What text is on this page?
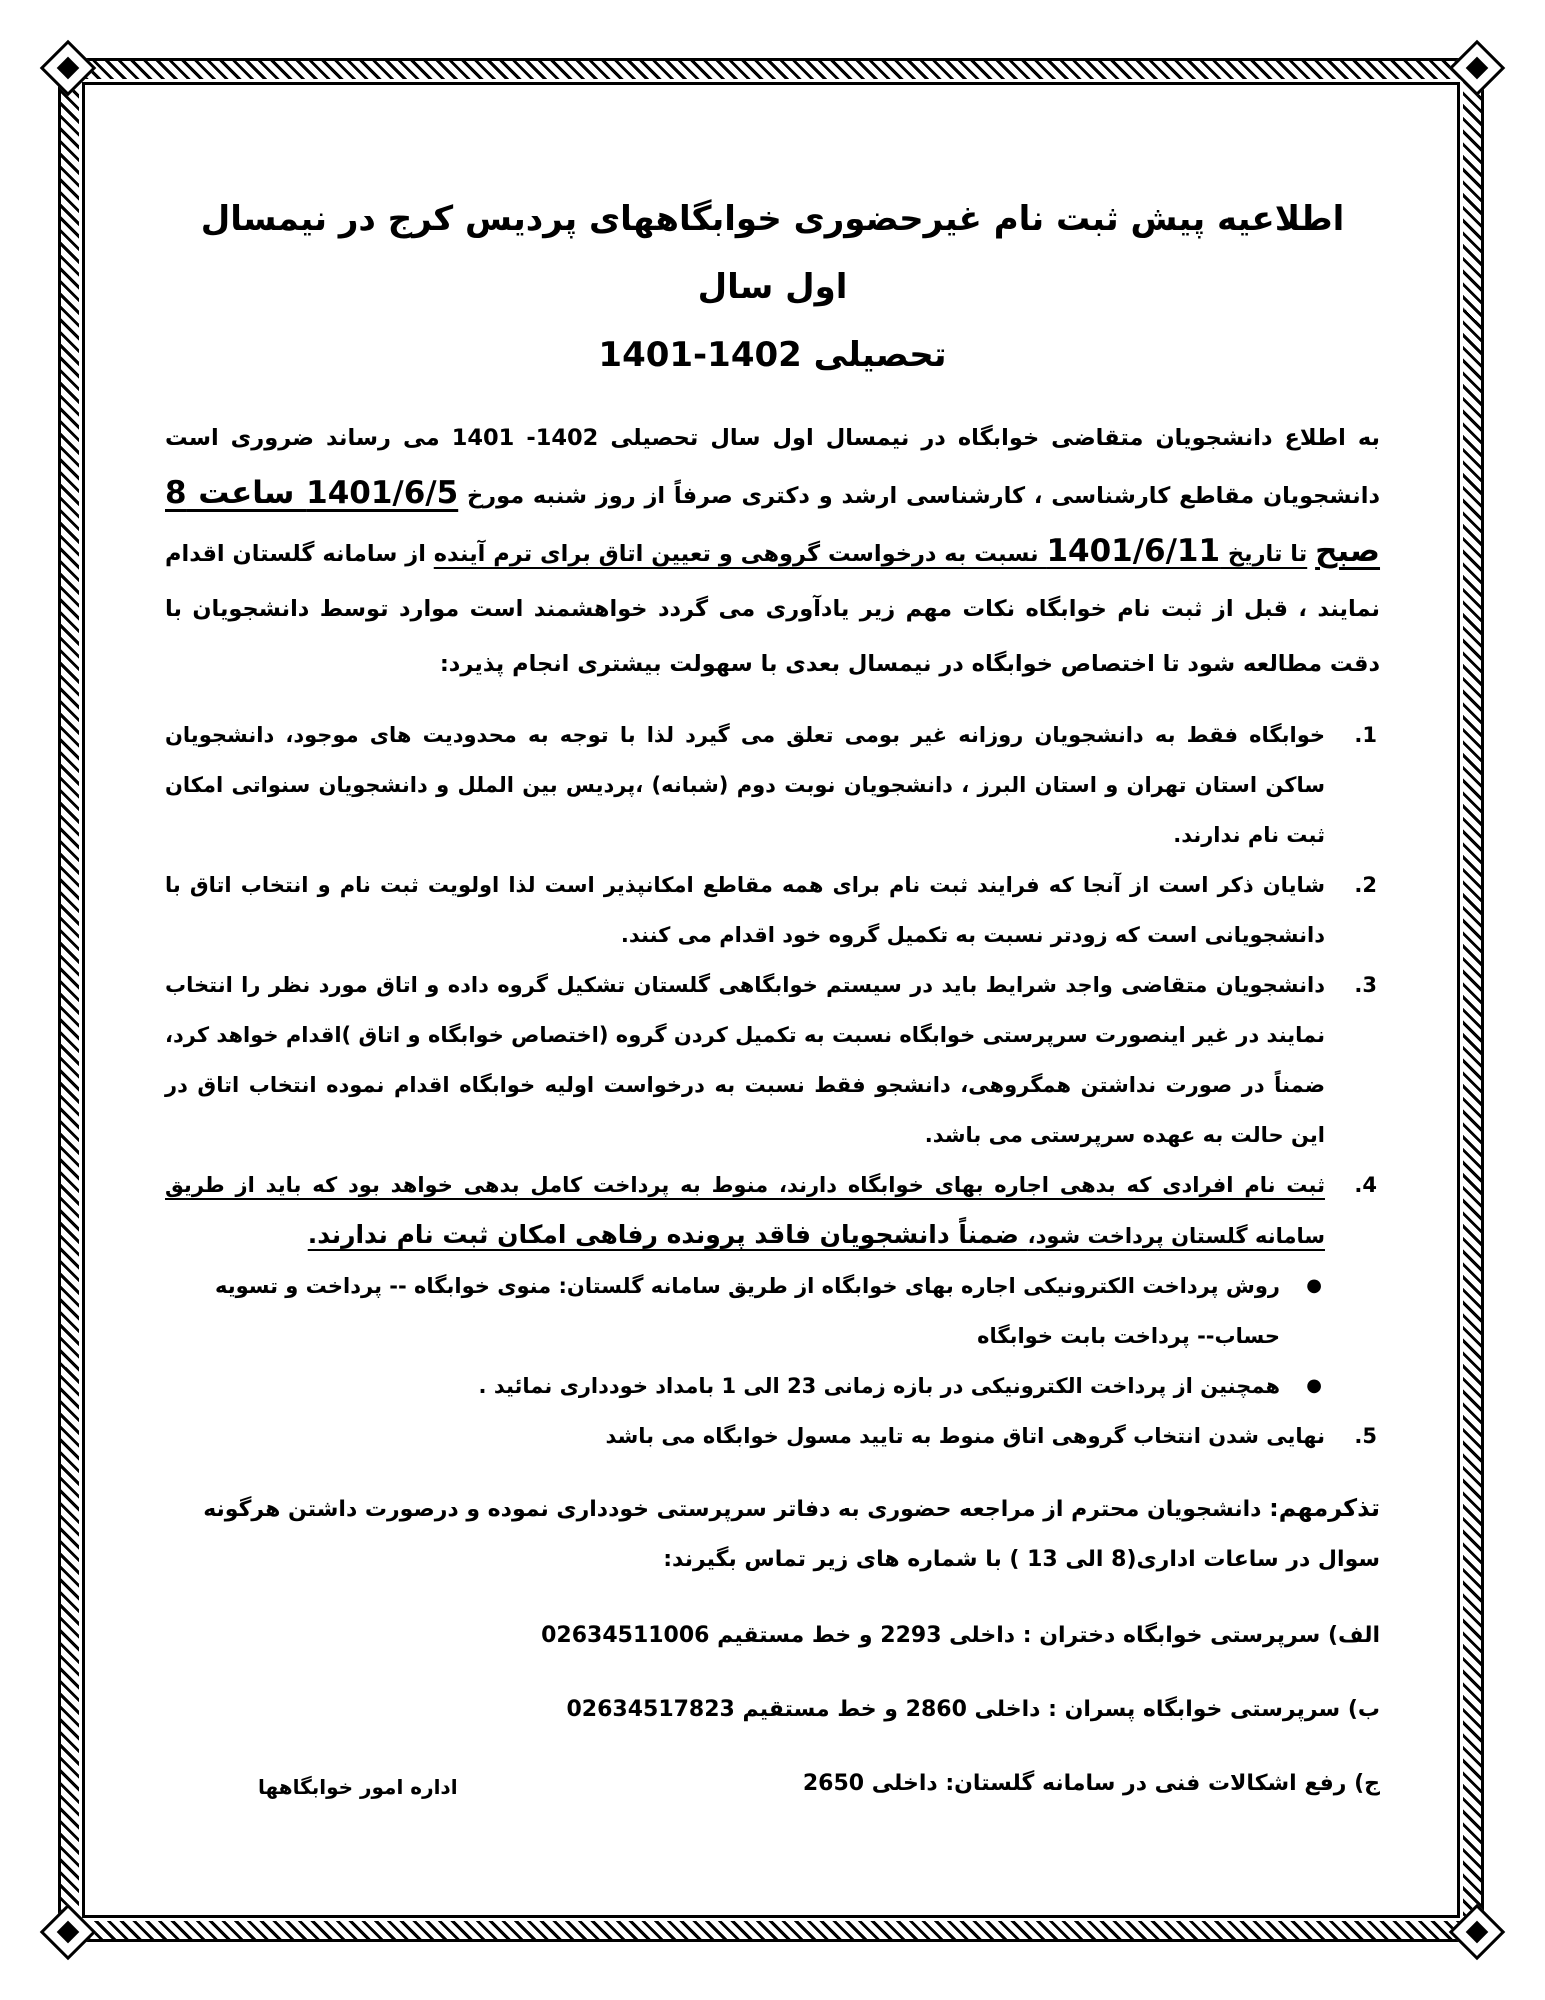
اطلاعیه پیش ثبت نام غیرحضوری خوابگاههای پردیس کرج در نیمسال اول سال
تحصیلی 1401-1402

به اطلاع دانشجویان متقاضی خوابگاه در نیمسال اول سال تحصیلی 1402- 1401 می رساند ضروری است دانشجویان مقاطع کارشناسی ، کارشناسی ارشد و دکتری صرفاً از روز شنبه مورخ 1401/6/5 ساعت 8 صبح تا تاریخ 1401/6/11 نسبت به درخواست گروهی و تعیین اتاق برای ترم آینده از سامانه گلستان اقدام نمایند ، قبل از ثبت نام خوابگاه نکات مهم زیر یادآوری می گردد خواهشمند است موارد توسط دانشجویان با دقت مطالعه شود تا اختصاص خوابگاه در نیمسال بعدی با سهولت بیشتری انجام پذیرد:

1.
خوابگاه فقط به دانشجویان روزانه غیر بومی تعلق می گیرد لذا با توجه به محدودیت های موجود، دانشجویان ساکن استان تهران و استان البرز ، دانشجویان نوبت دوم (شبانه) ،پردیس بین الملل و دانشجویان سنواتی امکان ثبت نام ندارند.
2.
شایان ذکر است از آنجا که فرایند ثبت نام برای همه مقاطع امکانپذیر است لذا اولویت ثبت نام و انتخاب اتاق با دانشجویانی است که زودتر نسبت به تکمیل گروه خود اقدام می کنند.
3.
دانشجویان متقاضی واجد شرایط باید در سیستم خوابگاهی گلستان تشکیل گروه داده و اتاق مورد نظر را انتخاب نمایند در غیر اینصورت سرپرستی خوابگاه نسبت به تکمیل کردن گروه (اختصاص خوابگاه و اتاق )اقدام خواهد کرد، ضمناً در صورت نداشتن همگروهی، دانشجو فقط نسبت به درخواست اولیه خوابگاه اقدام نموده انتخاب اتاق در این حالت به عهده سرپرستی می باشد.
4.
ثبت نام افرادی که بدهی اجاره بهای خوابگاه دارند، منوط به پرداخت کامل بدهی خواهد بود که باید از طریق سامانه گلستان پرداخت شود، ضمناً دانشجویان فاقد پرونده رفاهی امکان ثبت نام ندارند.
●
روش پرداخت الکترونیکی اجاره بهای خوابگاه از طریق سامانه گلستان: منوی خوابگاه -- پرداخت و تسویه حساب-- پرداخت بابت خوابگاه
●
همچنین از پرداخت الکترونیکی در بازه زمانی 23 الی 1 بامداد خودداری نمائید .
5.
نهایی شدن انتخاب گروهی اتاق منوط به تایید مسول خوابگاه می باشد

تذکرمهم: دانشجویان محترم از مراجعه حضوری به دفاتر سرپرستی خودداری نموده و درصورت داشتن هرگونه سوال در ساعات اداری(8 الی 13 ) با شماره های زیر تماس بگیرند:

الف) سرپرستی خوابگاه دختران : داخلی 2293 و خط مستقیم 02634511006

ب) سرپرستی خوابگاه پسران : داخلی 2860 و خط مستقیم 02634517823

ج) رفع اشکالات فنی در سامانه گلستان: داخلی 2650

اداره امور خوابگاهها
